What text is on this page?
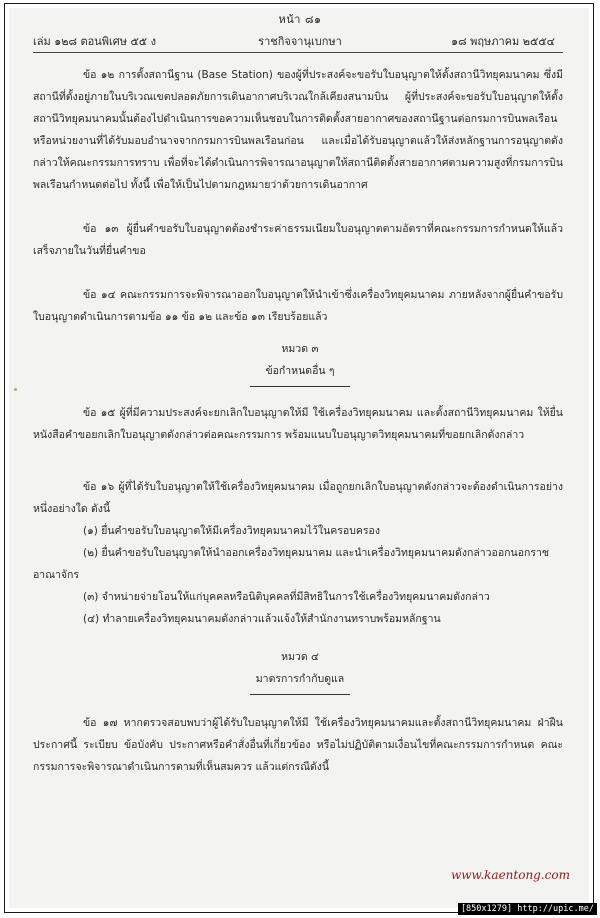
หน้า ๘๑
เล่ม ๑๒๘ ตอนพิเศษ ๕๕ ง	ราชกิจจานุเบกษา	๑๘ พฤษภาคม ๒๕๕๔
ข้อ ๑๒ การตั้งสถานีฐาน (Base Station) ของผู้ที่ประสงค์จะขอรับใบอนุญาตให้ตั้งสถานีวิทยุคมนาคม ซึ่งมีสถานีที่ตั้งอยู่ภายในบริเวณเขตปลอดภัยการเดินอากาศบริเวณใกล้เคียงสนามบิน ผู้ที่ประสงค์จะขอรับใบอนุญาตให้ตั้งสถานีวิทยุคมนาคมนั้นต้องไปดำเนินการขอความเห็นชอบในการติดตั้งสายอากาศของสถานีฐานต่อกรมการบินพลเรือน หรือหน่วยงานที่ได้รับมอบอำนาจจากกรมการบินพลเรือนก่อน และเมื่อได้รับอนุญาตแล้วให้ส่งหลักฐานการอนุญาตดังกล่าวให้คณะกรรมการทราบ เพื่อที่จะได้ดำเนินการพิจารณาอนุญาตให้สถานีติดตั้งสายอากาศตามความสูงที่กรมการบินพลเรือนกำหนดต่อไป ทั้งนี้ เพื่อให้เป็นไปตามกฎหมายว่าด้วยการเดินอากาศ
ข้อ ๑๓ ผู้ยื่นคำขอรับใบอนุญาตต้องชำระค่าธรรมเนียมใบอนุญาตตามอัตราที่คณะกรรมการกำหนดให้แล้วเสร็จภายในวันที่ยื่นคำขอ
ข้อ ๑๔ คณะกรรมการจะพิจารณาออกใบอนุญาตให้นำเข้าซึ่งเครื่องวิทยุคมนาคม ภายหลังจากผู้ยื่นคำขอรับใบอนุญาตดำเนินการตามข้อ ๑๑ ข้อ ๑๒ และข้อ ๑๓ เรียบร้อยแล้ว
หมวด ๓
ข้อกำหนดอื่น ๆ
ข้อ ๑๕ ผู้ที่มีความประสงค์จะยกเลิกใบอนุญาตให้มี ใช้เครื่องวิทยุคมนาคม และตั้งสถานีวิทยุคมนาคม ให้ยื่นหนังสือคำขอยกเลิกใบอนุญาตดังกล่าวต่อคณะกรรมการ พร้อมแนบใบอนุญาตวิทยุคมนาคมที่ขอยกเลิกดังกล่าว
ข้อ ๑๖ ผู้ที่ได้รับใบอนุญาตให้ใช้เครื่องวิทยุคมนาคม เมื่อถูกยกเลิกใบอนุญาตดังกล่าวจะต้องดำเนินการอย่างหนึ่งอย่างใด ดังนี้
(๑) ยื่นคำขอรับใบอนุญาตให้มีเครื่องวิทยุคมนาคมไว้ในครอบครอง
(๒) ยื่นคำขอรับใบอนุญาตให้นำออกเครื่องวิทยุคมนาคม และนำเครื่องวิทยุคมนาคมดังกล่าวออกนอกราชอาณาจักร
(๓) จำหน่ายจ่ายโอนให้แก่บุคคลหรือนิติบุคคลที่มีสิทธิในการใช้เครื่องวิทยุคมนาคมดังกล่าว
(๔) ทำลายเครื่องวิทยุคมนาคมดังกล่าวแล้วแจ้งให้สำนักงานทราบพร้อมหลักฐาน
หมวด ๔
มาตรการกำกับดูแล
ข้อ ๑๗ หากตรวจสอบพบว่าผู้ได้รับใบอนุญาตให้มี ใช้เครื่องวิทยุคมนาคมและตั้งสถานีวิทยุคมนาคม ฝ่าฝืนประกาศนี้ ระเบียบ ข้อบังคับ ประกาศหรือคำสั่งอื่นที่เกี่ยวข้อง หรือไม่ปฏิบัติตามเงื่อนไขที่คณะกรรมการกำหนด คณะกรรมการจะพิจารณาดำเนินการตามที่เห็นสมควร แล้วแต่กรณีดังนี้
www.kaentong.com
[850x1279] http://upic.me/
